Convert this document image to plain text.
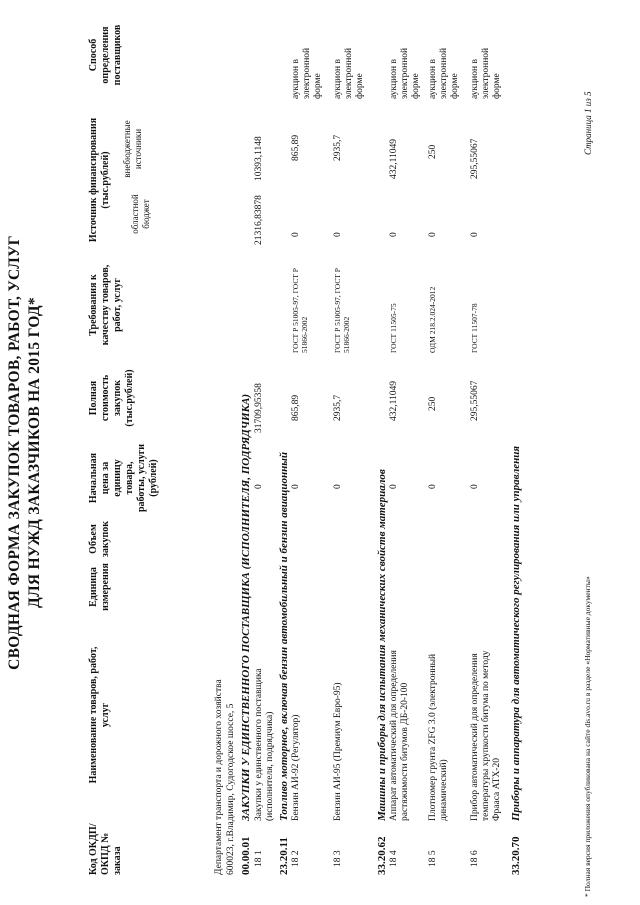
СВОДНАЯ ФОРМА ЗАКУПОК ТОВАРОВ, РАБОТ, УСЛУГ ДЛЯ НУЖД ЗАКАЗЧИКОВ НА 2015 ГОД*
Код ОКДП/ ОКПД № заказа
Наименование товаров, работ, услуг
Единица измерения
Объем закупок
Начальная цена за единицу товара, работы, услуги (рублей)
Полная стоимость закупок (тыс.рублей)
Требования к качеству товаров, работ, услуг
Источник финансирования (тыс.рублей)
Способ определения поставщиков
областной бюджет
внебюджетные источники
Департамент транспорта и дорожного хозяйства 600023, г.Владимир, Судогодское шоссе, 5 00.00.01
ЗАКУПКИ У ЕДИНСТВЕННОГО ПОСТАВЩИКА (ИСПОЛНИТЕЛЯ, ПОДРЯДЧИКА)
18 1
Закупки у единственного поставщика (исполнителя, подрядчика)
0
31709,95358
21316,83878
10393,1148
23.20.11
Топливо моторное, включая бензин автомобильный и бензин авиационный
18 2
Бензин АИ-92 (Регулятор)
0
865,89
ГОСТ Р 51005-97, ГОСТ Р 51866-2002
0
865,89
аукцион в электронной форме
18 3
Бензин АИ-95 (Премиум Евро-95)
0
2935,7
ГОСТ Р 51005-97, ГОСТ Р 51866-2002
0
2935,7
аукцион в электронной форме
33.20.62
Машины и приборы для испытания механических свойств материалов
18 4
Аппарат автоматический для определения растяжимости битумов ДБ-20-100
0
432,11049
ГОСТ 11505-75
0
432,11049
аукцион в электронной форме
18 5
Плотномер грунта ZFG 3.0 (электронный динамический)
0
250
ОДМ 218.2.024-2012
0
250
аукцион в электронной форме
18 6
Прибор автоматический для определения температуры хрупкости битума по методу Фрааса АТХ-20
0
295,55067
ГОСТ 11507-78
0
295,55067
аукцион в электронной форме
33.20.70
Приборы и аппаратура для автоматического регулирования или управления	* Полная версия приложения опубликована на сайте dis.avo.ru в разделе «Нормативные документы»
Страница 1 из 5
